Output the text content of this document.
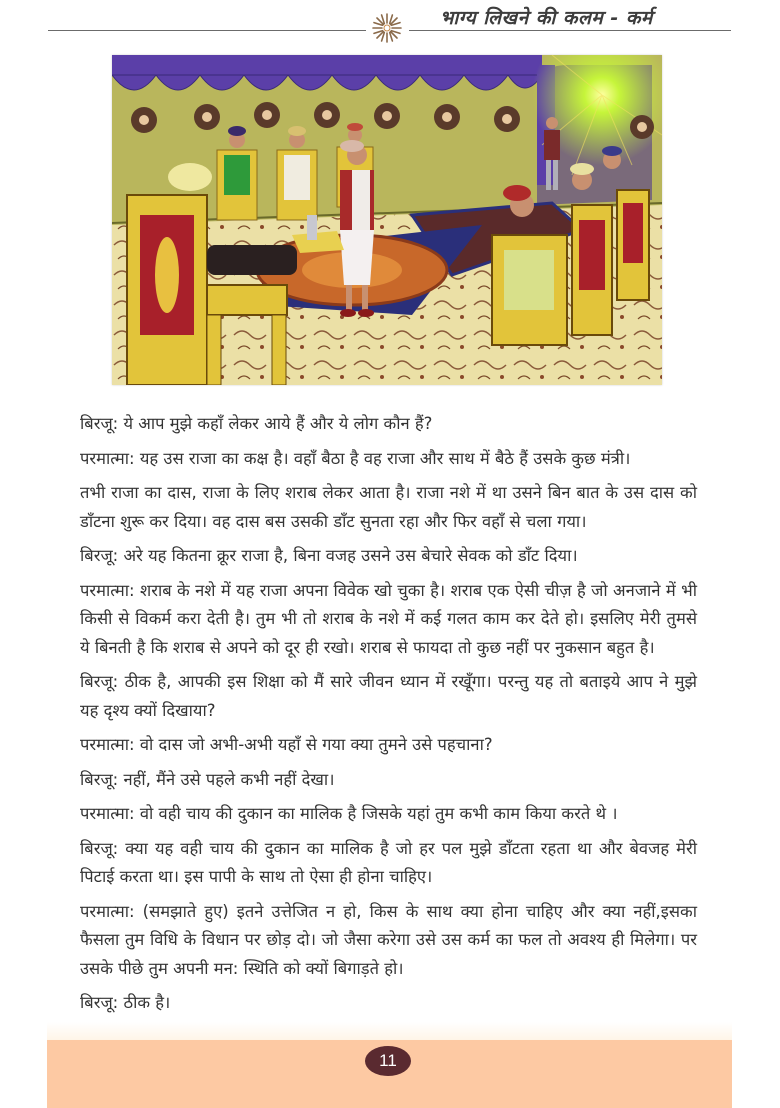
भाग्य लिखने की कलम - कर्म

बिरजू: ये आप मुझे कहाँ लेकर आये हैं और ये लोग कौन हैं?

परमात्मा: यह उस राजा का कक्ष है। वहाँ बैठा है वह राजा और साथ में बैठे हैं उसके कुछ मंत्री।

तभी राजा का दास, राजा के लिए शराब लेकर आता है। राजा नशे में था उसने बिन बात के उस दास को डाँटना शुरू कर दिया। वह दास बस उसकी डाँट सुनता रहा और फिर वहाँ से चला गया।

बिरजू: अरे यह कितना क्रूर राजा है, बिना वजह उसने उस बेचारे सेवक को डाँट दिया।

परमात्मा: शराब के नशे में यह राजा अपना विवेक खो चुका है। शराब एक ऐसी चीज़ है जो अनजाने में भी किसी से विकर्म करा देती है। तुम भी तो शराब के नशे में कई गलत काम कर देते हो। इसलिए मेरी तुमसे ये बिनती है कि शराब से अपने को दूर ही रखो। शराब से फायदा तो कुछ नहीं पर नुकसान बहुत है।

बिरजू: ठीक है, आपकी इस शिक्षा को मैं सारे जीवन ध्यान में रखूँगा। परन्तु यह तो बताइये आप ने मुझे यह दृश्य क्यों दिखाया?

परमात्मा: वो दास जो अभी-अभी यहाँ से गया क्या तुमने उसे पहचाना?

बिरजू: नहीं, मैंने उसे पहले कभी नहीं देखा।

परमात्मा: वो वही चाय की दुकान का मालिक है जिसके यहां तुम कभी काम किया करते थे ।

बिरजू: क्या यह वही चाय की दुकान का मालिक है जो हर पल मुझे डाँटता रहता था और बेवजह मेरी पिटाई करता था। इस पापी के साथ तो ऐसा ही होना चाहिए।

परमात्मा: (समझाते हुए) इतने उत्तेजित न हो, किस के साथ क्या होना चाहिए और क्या नहीं,इसका फैसला तुम विधि के विधान पर छोड़ दो। जो जैसा करेगा उसे उस कर्म का फल तो अवश्य ही मिलेगा। पर उसके पीछे तुम अपनी मन: स्थिति को क्यों बिगाड़ते हो।

बिरजू: ठीक है।

11
